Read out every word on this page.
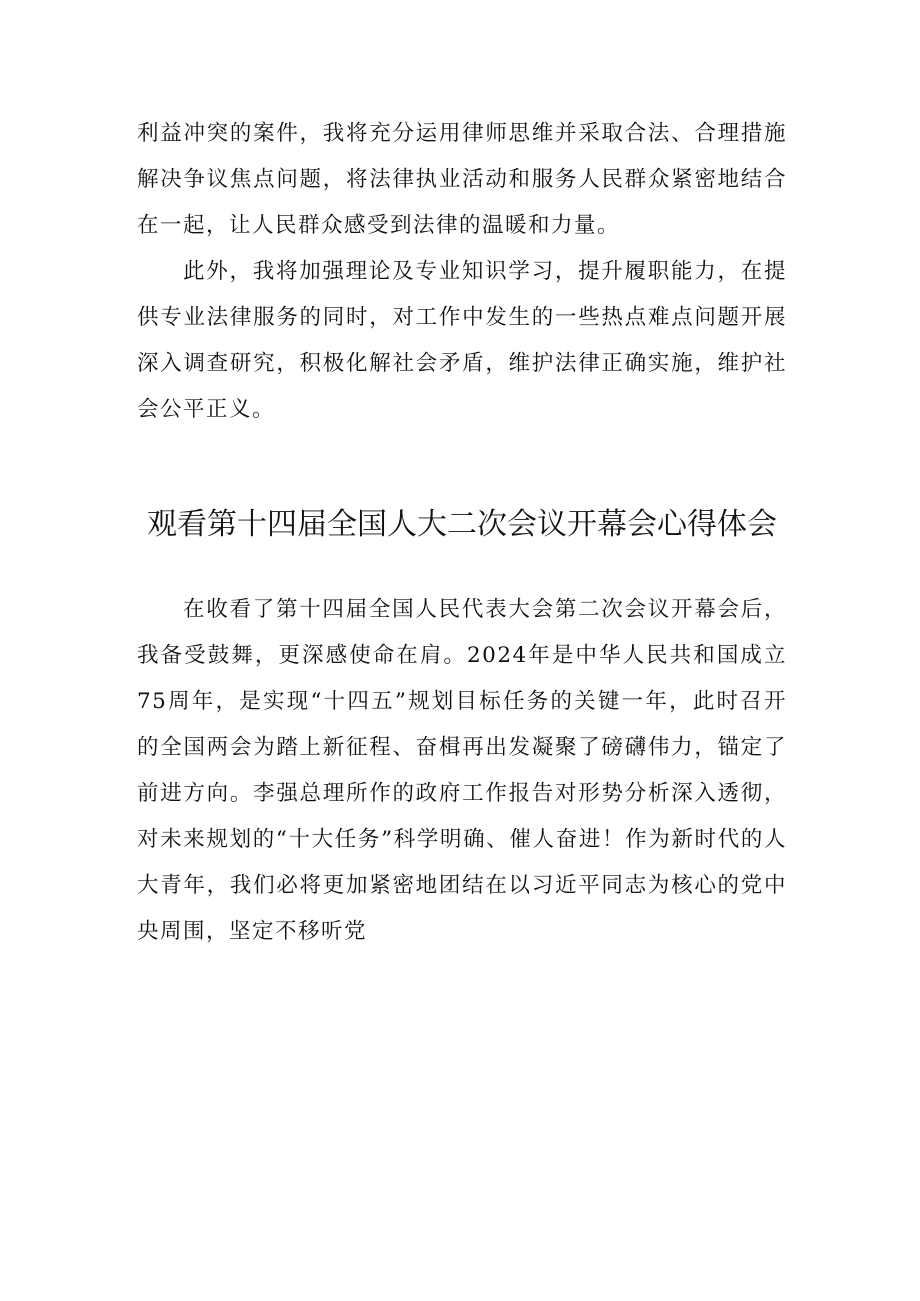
利益冲突的案件，我将充分运用律师思维并采取合法、合理措施解决争议焦点问题，将法律执业活动和服务人民群众紧密地结合在一起，让人民群众感受到法律的温暖和力量。

此外，我将加强理论及专业知识学习，提升履职能力，在提供专业法律服务的同时，对工作中发生的一些热点难点问题开展深入调查研究，积极化解社会矛盾，维护法律正确实施，维护社会公平正义。

观看第十四届全国人大二次会议开幕会心得体会

在收看了第十四届全国人民代表大会第二次会议开幕会后，我备受鼓舞，更深感使命在肩。2024年是中华人民共和国成立75周年，是实现“十四五”规划目标任务的关键一年，此时召开的全国两会为踏上新征程、奋楫再出发凝聚了磅礴伟力，锚定了前进方向。李强总理所作的政府工作报告对形势分析深入透彻，对未来规划的“十大任务”科学明确、催人奋进！作为新时代的人大青年，我们必将更加紧密地团结在以习近平同志为核心的党中央周围，坚定不移听党
